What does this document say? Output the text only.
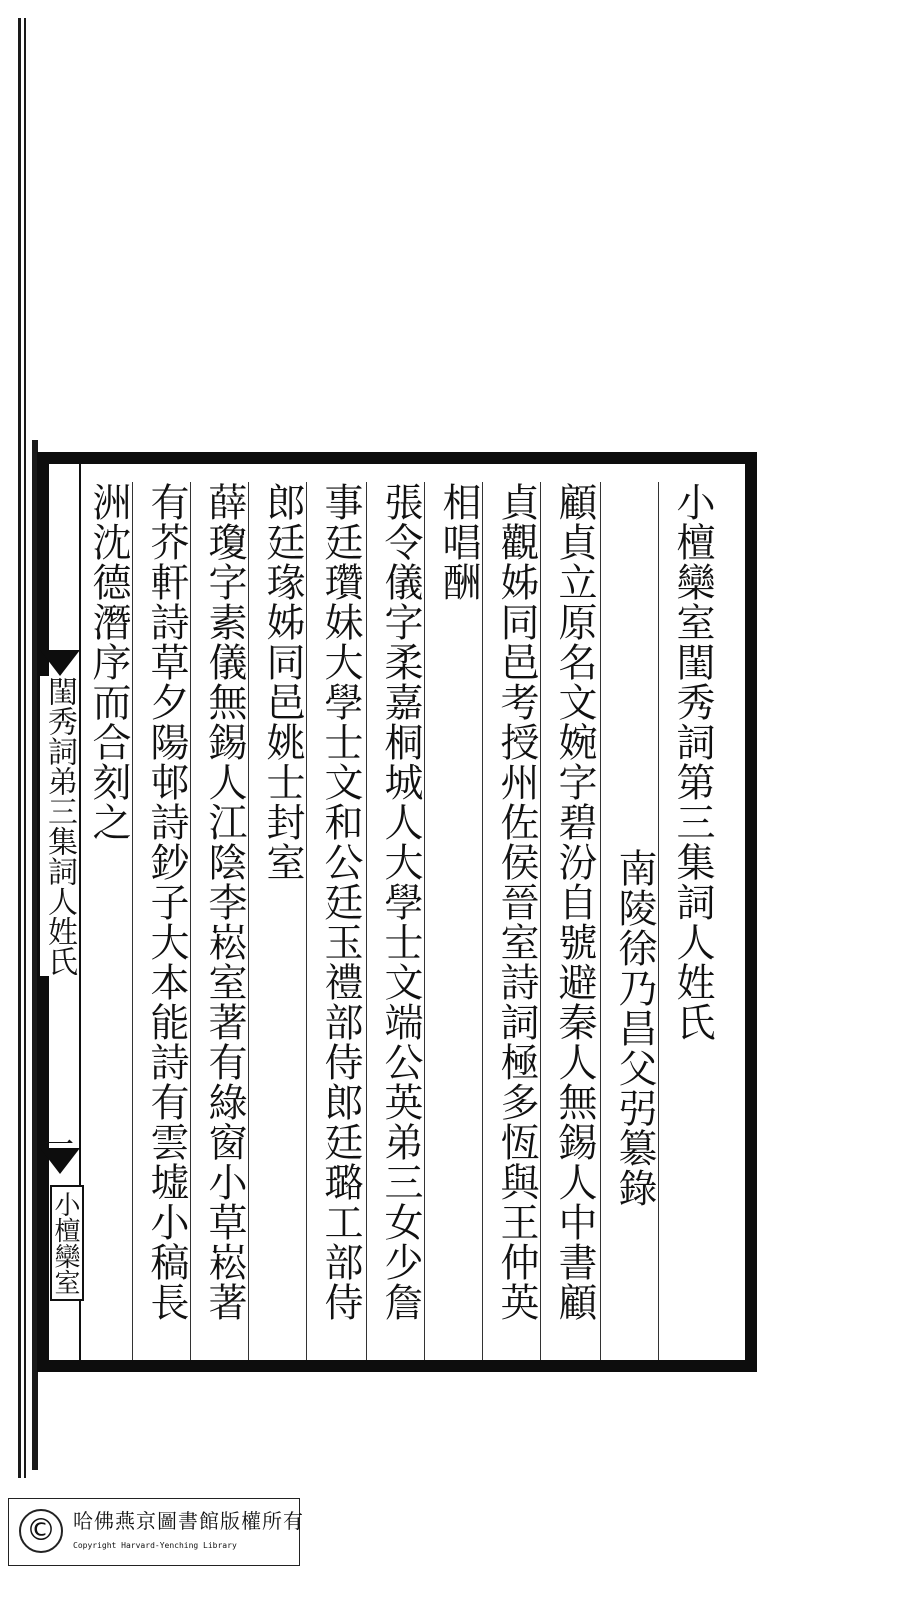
小檀欒室閨秀詞第三集詞人姓氏
南陵徐乃昌父弜簒錄
顧貞立原名文婉字碧汾自號避秦人無錫人中書顧
貞觀姊同邑考授州佐侯晉室詩詞極多恆與王仲英
相唱酬
張令儀字柔嘉桐城人大學士文端公英弟三女少詹
事廷瓚妹大學士文和公廷玉禮部侍郎廷璐工部侍
郎廷瑑姊同邑姚士封室
薛瓊字素儀無錫人江陰李崧室著有綠窗小草崧著
有芥軒詩草夕陽邨詩鈔子大本能詩有雲墟小稿長
洲沈德潛序而合刻之
閨秀詞弟三集詞人姓氏
一
小檀欒室
© 哈佛燕京圖書館版權所有
Copyright Harvard-Yenching Library
